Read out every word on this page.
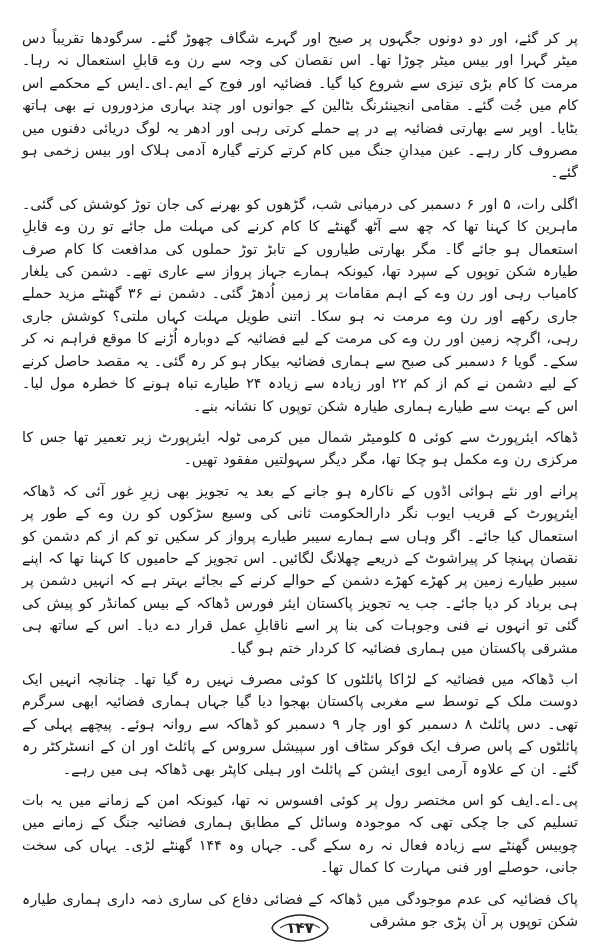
پر کر گئے، اور دو دونوں جگہوں پر صیح اور گہرے شگاف چھوڑ گئے۔ سرگودھا تقریباً دس میٹر گہرا اور بیس میٹر چوڑا تھا۔ اس نقصان کی وجہ سے رن وے قابلِ استعمال نہ رہا۔ مرمت کا کام بڑی تیزی سے شروع کیا گیا۔ فضائیہ اور فوج کے ایم۔ای۔ایس کے محکمے اس کام میں جُت گئے۔ مقامی انجینئرنگ بٹالین کے جوانوں اور چند بہاری مزدوروں نے بھی ہاتھ بٹایا۔ اوپر سے بھارتی فضائیہ پے در پے حملے کرتی رہی اور ادھر یہ لوگ دریائی دفنوں میں مصروف کار رہے۔ عین میدانِ جنگ میں کام کرتے کرتے گیارہ آدمی ہلاک اور بیس زخمی ہو گئے۔

اگلی رات، ۵ اور ۶ دسمبر کی درمیانی شب، گڑھوں کو بھرنے کی جان توڑ کوشش کی گئی۔ ماہرین کا کہنا تھا کہ چھ سے آٹھ گھنٹے کا کام کرنے کی مہلت مل جائے تو رن وے قابلِ استعمال ہو جائے گا۔ مگر بھارتی طیاروں کے تابڑ توڑ حملوں کی مدافعت کا کام صرف طیارہ شکن توپوں کے سپرد تھا، کیونکہ ہمارے جہاز پرواز سے عاری تھے۔ دشمن کی یلغار کامیاب رہی اور رن وے کے اہم مقامات پر زمین اُدھڑ گئی۔ دشمن نے ۳۶ گھنٹے مزید حملے جاری رکھے اور رن وے مرمت نہ ہو سکا۔ اتنی طویل مہلت کہاں ملتی؟ کوشش جاری رہی، اگرچہ زمین اور رن وے کی مرمت کے لیے فضائیہ کے دوبارہ اُڑنے کا موقع فراہم نہ کر سکے۔ گویا ۶ دسمبر کی صبح سے ہماری فضائیہ بیکار ہو کر رہ گئی۔ یہ مقصد حاصل کرنے کے لیے دشمن نے کم از کم ۲۲ اور زیادہ سے زیادہ ۲۴ طیارے تباہ ہونے کا خطرہ مول لیا۔ اس کے بہت سے طیارے ہماری طیارہ شکن توپوں کا نشانہ بنے۔

ڈھاکہ ایئرپورٹ سے کوئی ۵ کلومیٹر شمال میں کرمی ٹولہ ایئرپورٹ زیر تعمیر تھا جس کا مرکزی رن وے مکمل ہو چکا تھا، مگر دیگر سہولتیں مفقود تھیں۔

پرانے اور نئے ہوائی اڈوں کے ناکارہ ہو جانے کے بعد یہ تجویز بھی زیرِ غور آئی کہ ڈھاکہ ایئرپورٹ کے قریب ایوب نگر دارالحکومت ثانی کی وسیع سڑکوں کو رن وے کے طور پر استعمال کیا جائے۔ اگر وہاں سے ہمارے سیبر طیارے پرواز کر سکیں تو کم از کم دشمن کو نقصان پہنچا کر پیراشوٹ کے ذریعے چھلانگ لگائیں۔ اس تجویز کے حامیوں کا کہنا تھا کہ اپنے سیبر طیارے زمین پر کھڑے کھڑے دشمن کے حوالے کرنے کے بجائے بہتر ہے کہ انہیں دشمن پر ہی برباد کر دیا جائے۔ جب یہ تجویز پاکستان ایئر فورس ڈھاکہ کے بیس کمانڈر کو پیش کی گئی تو انہوں نے فنی وجوہات کی بنا پر اسے ناقابلِ عمل قرار دے دیا۔ اس کے ساتھ ہی مشرقی پاکستان میں ہماری فضائیہ کا کردار ختم ہو گیا۔

اب ڈھاکہ میں فضائیہ کے لڑاکا پائلٹوں کا کوئی مصرف نہیں رہ گیا تھا۔ چنانچہ انہیں ایک دوست ملک کے توسط سے مغربی پاکستان بھجوا دیا گیا جہاں ہماری فضائیہ ابھی سرگرم تھی۔ دس پائلٹ ۸ دسمبر کو اور چار ۹ دسمبر کو ڈھاکہ سے روانہ ہوئے۔ پیچھے پہلی کے پائلٹوں کے پاس صرف ایک فوکر سٹاف اور سپیشل سروس کے پائلٹ اور ان کے انسٹرکٹر رہ گئے۔ ان کے علاوہ آرمی ایوی ایشن کے پائلٹ اور ہیلی کاپٹر بھی ڈھاکہ ہی میں رہے۔

پی۔اے۔ایف کو اس مختصر رول پر کوئی افسوس نہ تھا، کیونکہ امن کے زمانے میں یہ بات تسلیم کی جا چکی تھی کہ موجودہ وسائل کے مطابق ہماری فضائیہ جنگ کے زمانے میں چوبیس گھنٹے سے زیادہ فعال نہ رہ سکے گی۔ جہاں وہ ۱۴۴ گھنٹے لڑی۔ یہاں کی سخت جانی، حوصلے اور فنی مہارت کا کمال تھا۔

پاک فضائیہ کی عدم موجودگی میں ڈھاکہ کے فضائی دفاع کی ساری ذمہ داری ہماری طیارہ شکن توپوں پر آن پڑی جو مشرقی

۱۴۷
